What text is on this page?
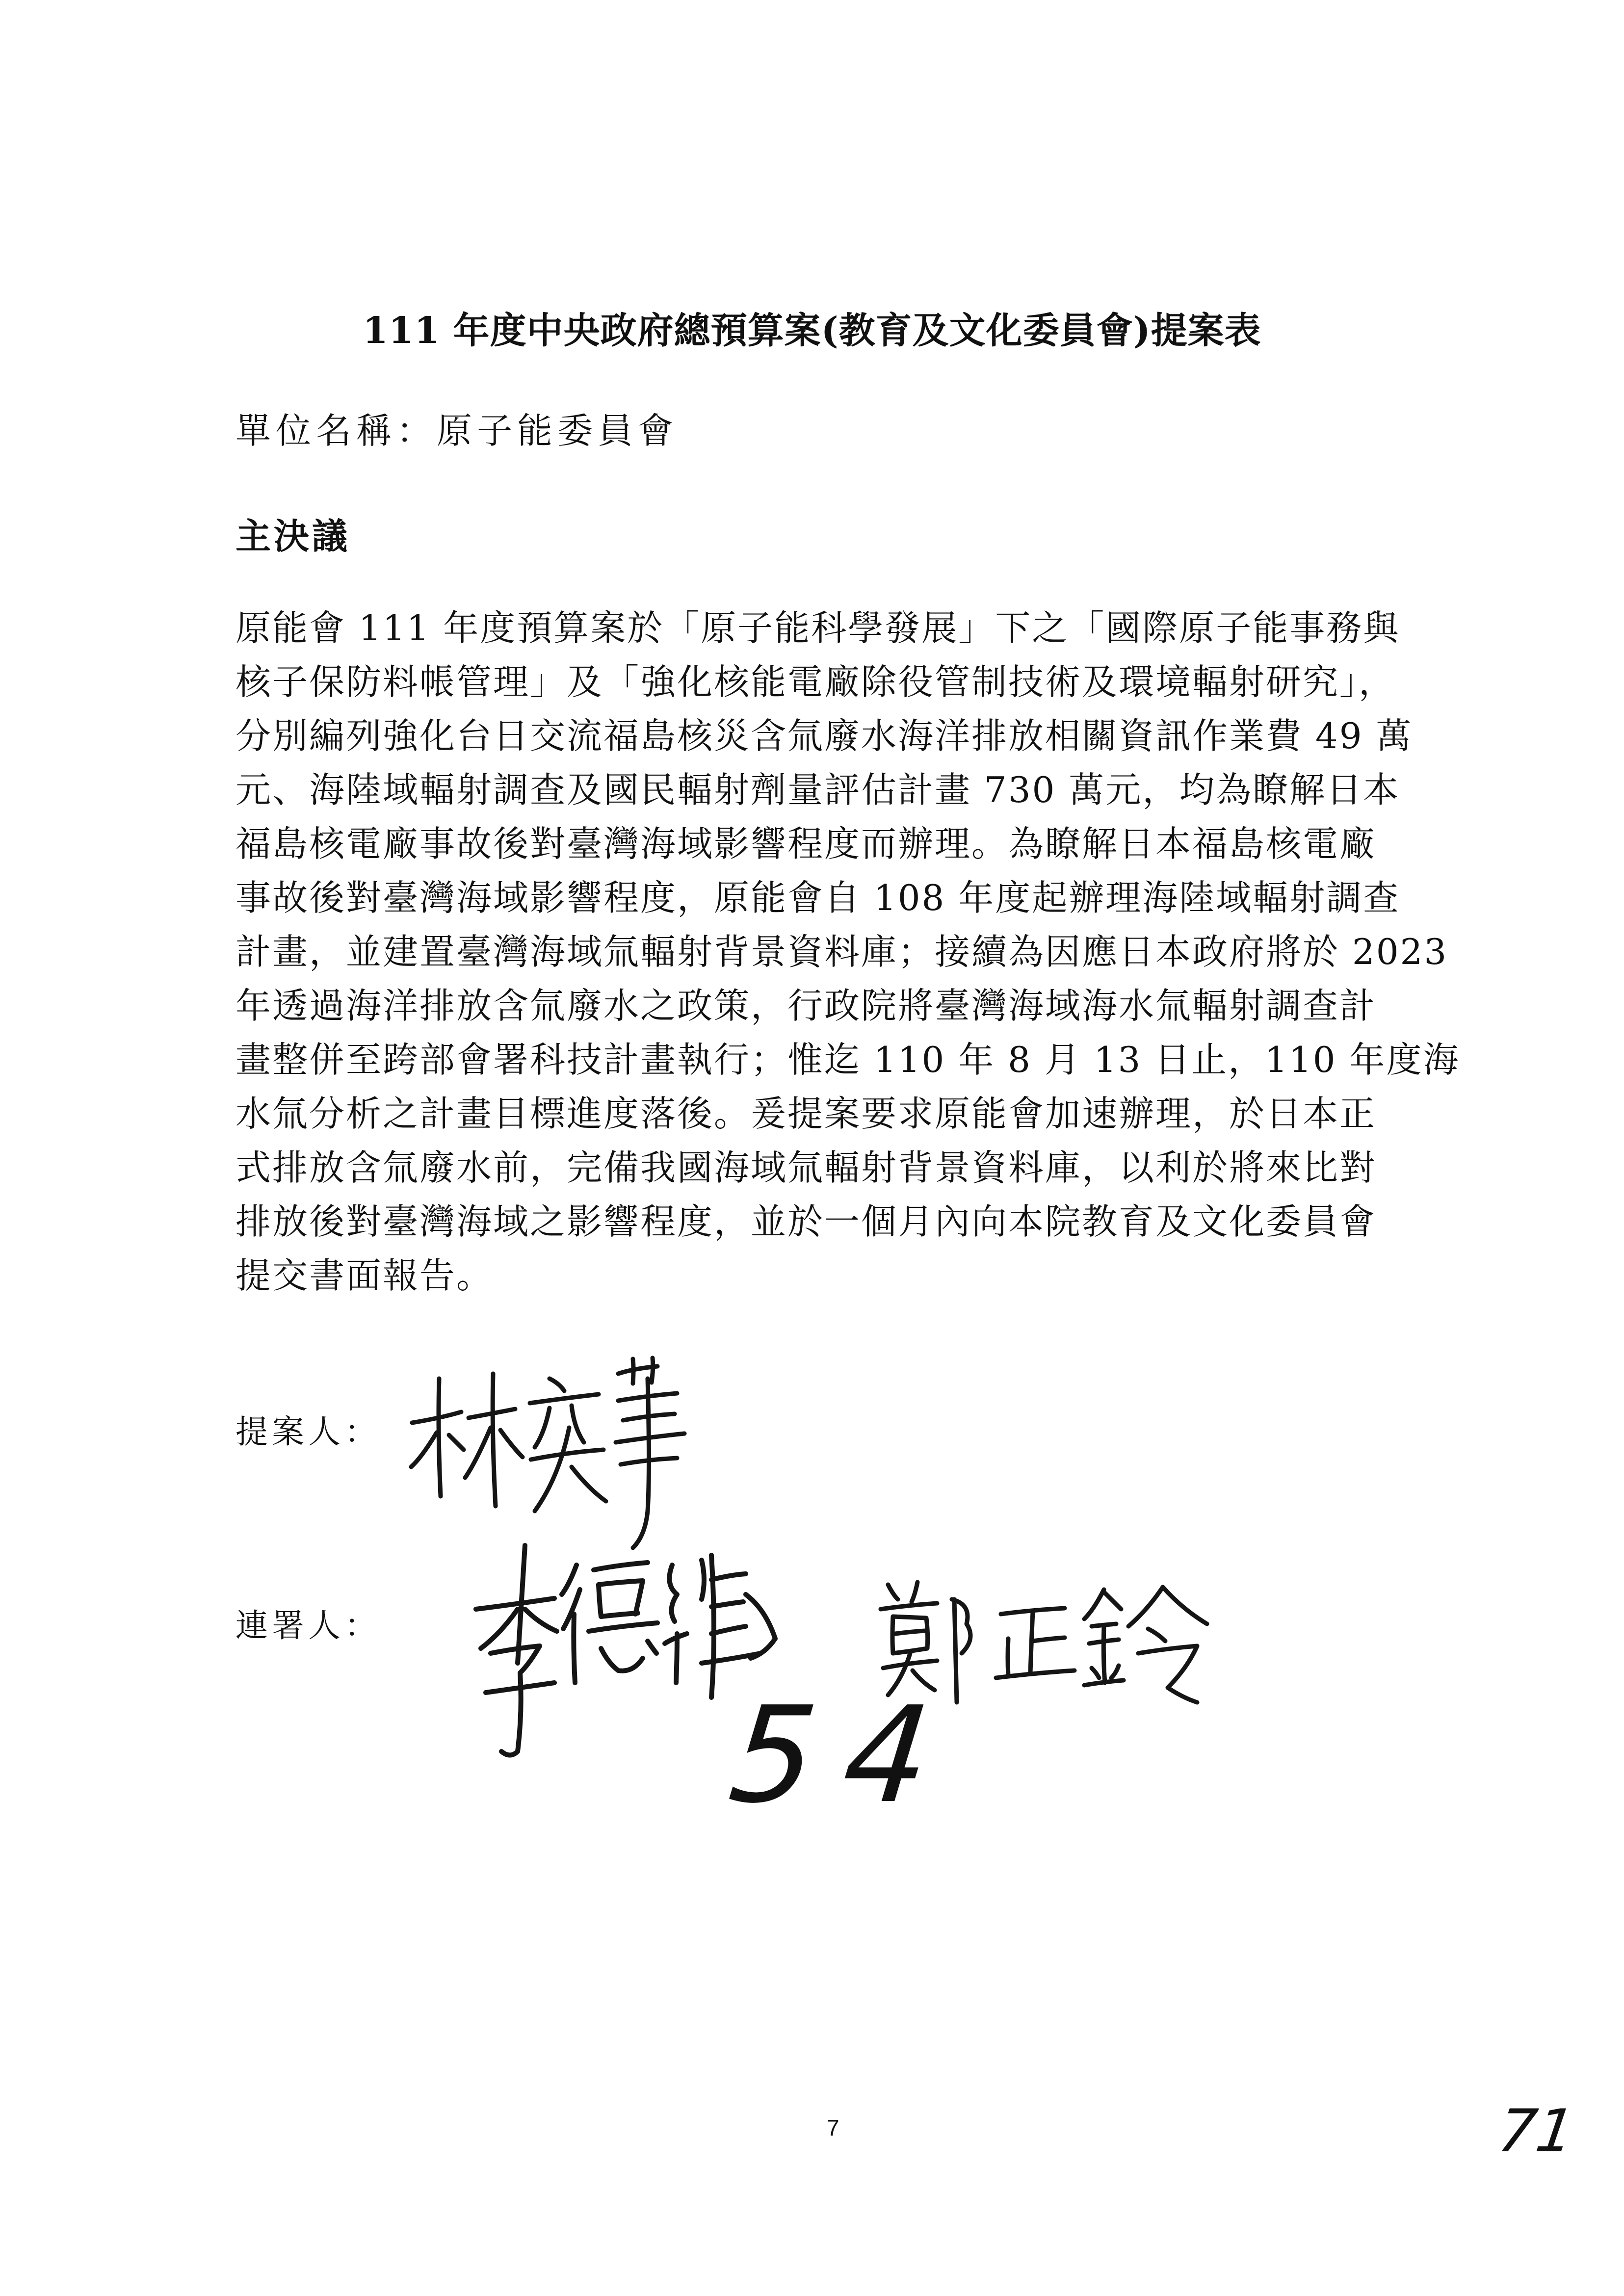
111 年度中央政府總預算案(教育及文化委員會)提案表
單位名稱：原子能委員會
主決議
原能會 111 年度預算案於「原子能科學發展」下之「國際原子能事務與
核子保防料帳管理」及「強化核能電廠除役管制技術及環境輻射研究」，
分別編列強化台日交流福島核災含氚廢水海洋排放相關資訊作業費 49 萬
元、海陸域輻射調查及國民輻射劑量評估計畫 730 萬元，均為瞭解日本
福島核電廠事故後對臺灣海域影響程度而辦理。為瞭解日本福島核電廠
事故後對臺灣海域影響程度，原能會自 108 年度起辦理海陸域輻射調查
計畫，並建置臺灣海域氚輻射背景資料庫；接續為因應日本政府將於 2023
年透過海洋排放含氚廢水之政策，行政院將臺灣海域海水氚輻射調查計
畫整併至跨部會署科技計畫執行；惟迄 110 年 8 月 13 日止，110 年度海
水氚分析之計畫目標進度落後。爰提案要求原能會加速辦理，於日本正
式排放含氚廢水前，完備我國海域氚輻射背景資料庫，以利於將來比對
排放後對臺灣海域之影響程度，並於一個月內向本院教育及文化委員會
提交書面報告。
提案人：
連署人：
54
7	71
